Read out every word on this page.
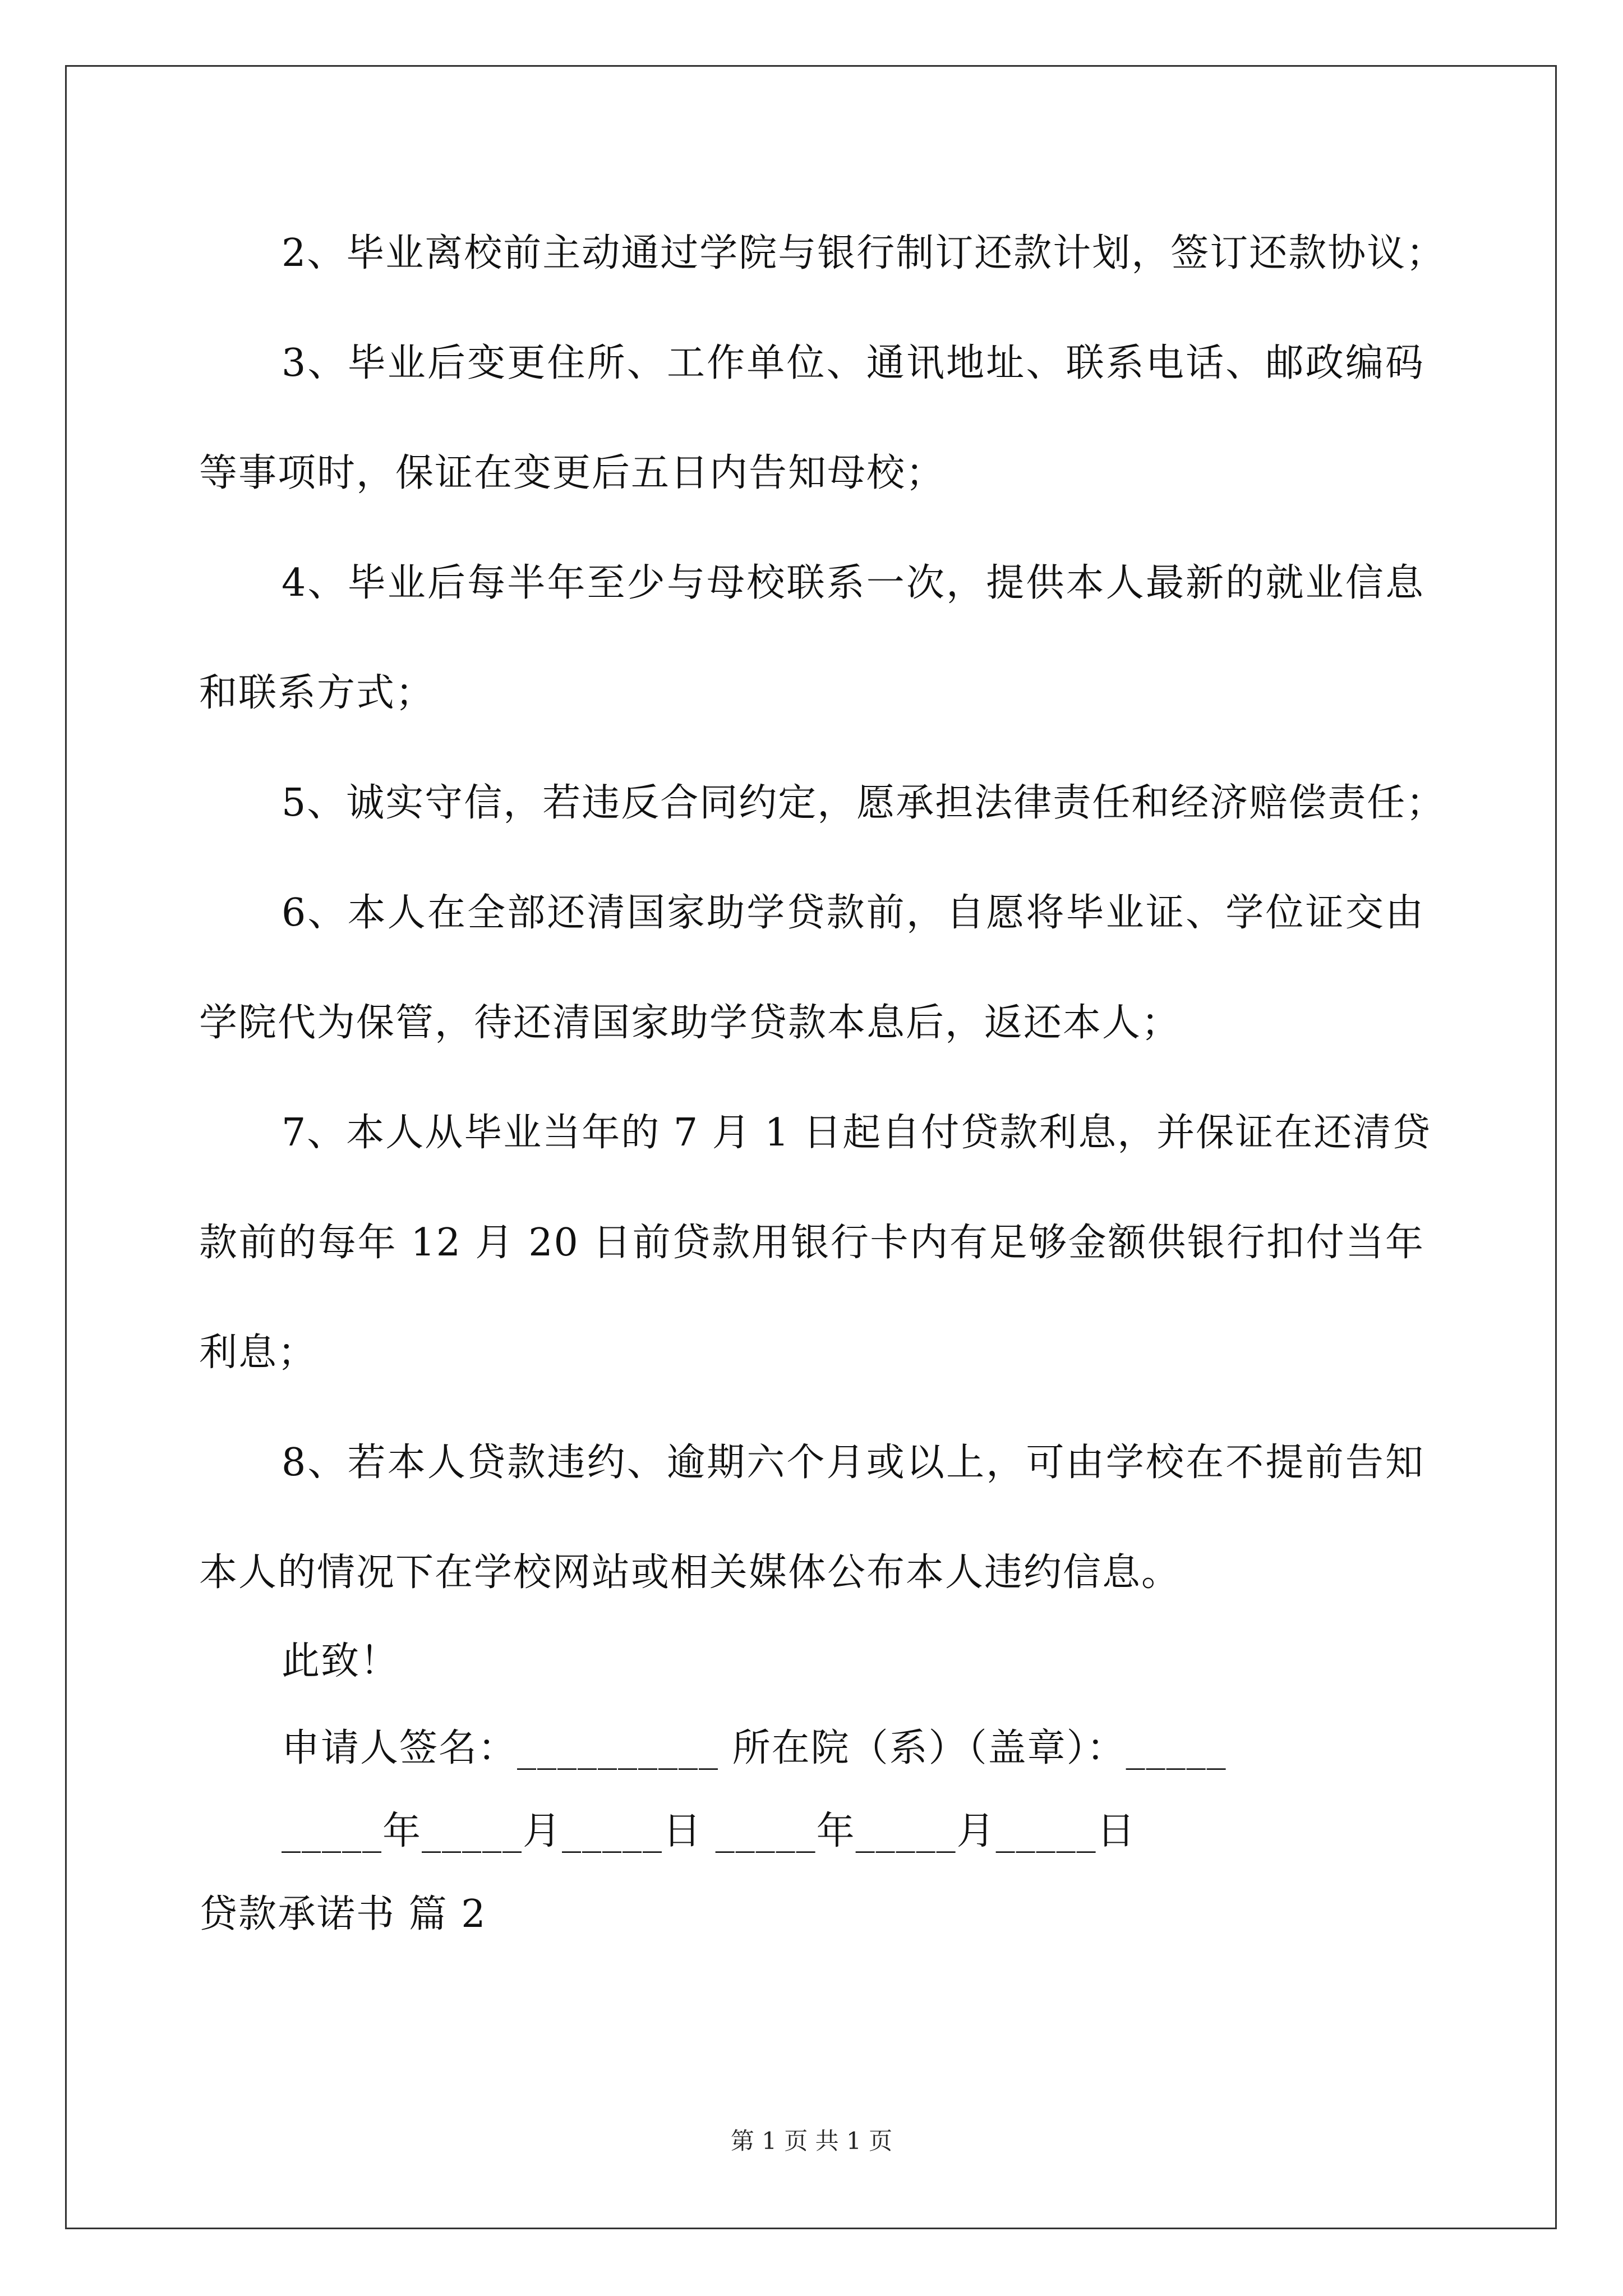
2、毕业离校前主动通过学院与银行制订还款计划，签订还款协议；
3、毕业后变更住所、工作单位、通讯地址、联系电话、邮政编码
等事项时，保证在变更后五日内告知母校；
4、毕业后每半年至少与母校联系一次，提供本人最新的就业信息
和联系方式；
5、诚实守信，若违反合同约定，愿承担法律责任和经济赔偿责任；
6、本人在全部还清国家助学贷款前，自愿将毕业证、学位证交由
学院代为保管，待还清国家助学贷款本息后，返还本人；
7、本人从毕业当年的 7 月 1 日起自付贷款利息，并保证在还清贷
款前的每年 12 月 20 日前贷款用银行卡内有足够金额供银行扣付当年
利息；
8、若本人贷款违约、逾期六个月或以上，可由学校在不提前告知
本人的情况下在学校网站或相关媒体公布本人违约信息。
此致！
申请人签名：__________ 所在院（系）（盖章）：_____
_____年_____月_____日 _____年_____月_____日
贷款承诺书 篇 2
第 1 页 共 1 页
